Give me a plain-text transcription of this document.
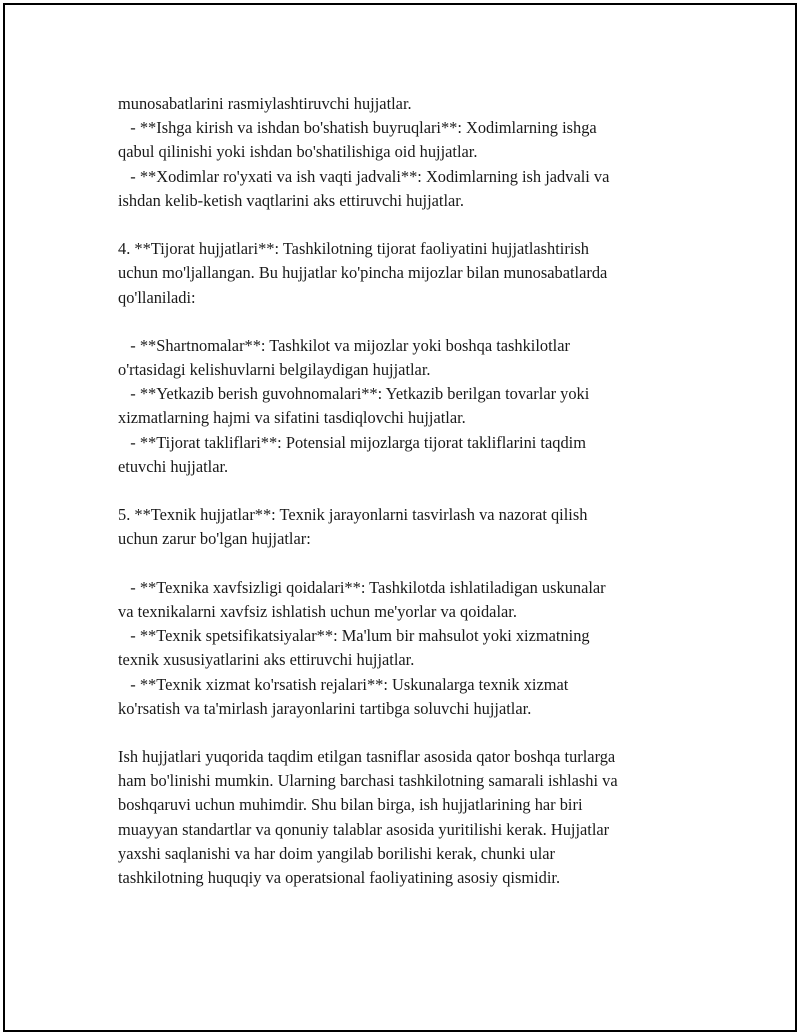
munosabatlarini rasmiylashtiruvchi hujjatlar.
- **Ishga kirish va ishdan bo'shatish buyruqlari**: Xodimlarning ishga
qabul qilinishi yoki ishdan bo'shatilishiga oid hujjatlar.
- **Xodimlar ro'yxati va ish vaqti jadvali**: Xodimlarning ish jadvali va
ishdan kelib-ketish vaqtlarini aks ettiruvchi hujjatlar.
4. **Tijorat hujjatlari**: Tashkilotning tijorat faoliyatini hujjatlashtirish
uchun mo'ljallangan. Bu hujjatlar ko'pincha mijozlar bilan munosabatlarda
qo'llaniladi:
- **Shartnomalar**: Tashkilot va mijozlar yoki boshqa tashkilotlar
o'rtasidagi kelishuvlarni belgilaydigan hujjatlar.
- **Yetkazib berish guvohnomalari**: Yetkazib berilgan tovarlar yoki
xizmatlarning hajmi va sifatini tasdiqlovchi hujjatlar.
- **Tijorat takliflari**: Potensial mijozlarga tijorat takliflarini taqdim
etuvchi hujjatlar.
5. **Texnik hujjatlar**: Texnik jarayonlarni tasvirlash va nazorat qilish
uchun zarur bo'lgan hujjatlar:
- **Texnika xavfsizligi qoidalari**: Tashkilotda ishlatiladigan uskunalar
va texnikalarni xavfsiz ishlatish uchun me'yorlar va qoidalar.
- **Texnik spetsifikatsiyalar**: Ma'lum bir mahsulot yoki xizmatning
texnik xususiyatlarini aks ettiruvchi hujjatlar.
- **Texnik xizmat ko'rsatish rejalari**: Uskunalarga texnik xizmat
ko'rsatish va ta'mirlash jarayonlarini tartibga soluvchi hujjatlar.
Ish hujjatlari yuqorida taqdim etilgan tasniflar asosida qator boshqa turlarga
ham bo'linishi mumkin. Ularning barchasi tashkilotning samarali ishlashi va
boshqaruvi uchun muhimdir. Shu bilan birga, ish hujjatlarining har biri
muayyan standartlar va qonuniy talablar asosida yuritilishi kerak. Hujjatlar
yaxshi saqlanishi va har doim yangilab borilishi kerak, chunki ular
tashkilotning huquqiy va operatsional faoliyatining asosiy qismidir.
